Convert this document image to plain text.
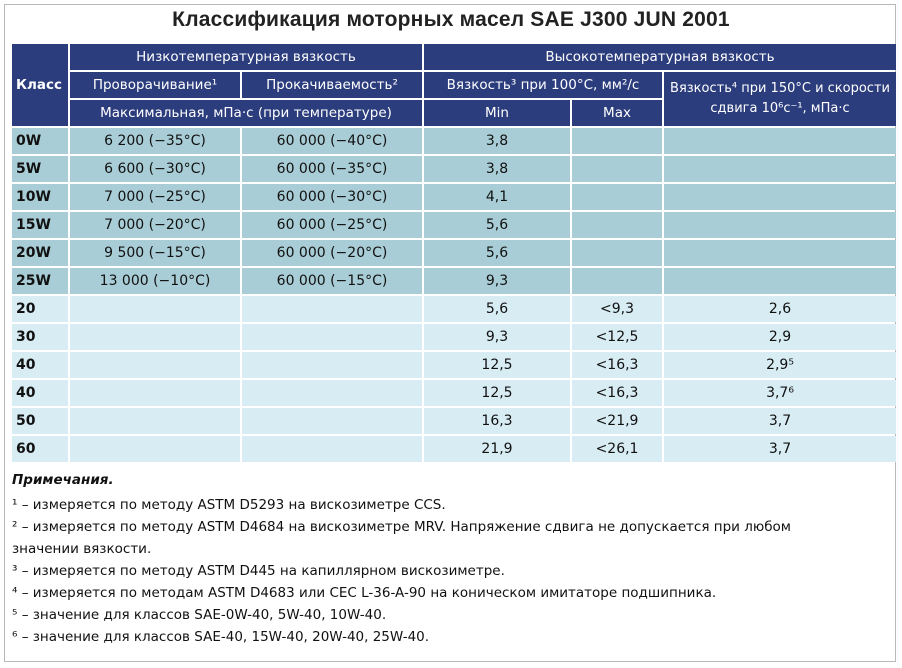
Классификация моторных масел SAE J300 JUN 2001
Класс	Низкотемпературная вязкость		Высокотемпературная вязкость		
	Проворачивание¹	Прокачиваемость²	Вязкость³ при 100°С, мм²/с		Вязкость⁴ при 150°С и скорости сдвига 10⁶с⁻¹, мПа·с
	Максимальная, мПа·с (при температуре)		Min	Max	
0W	6 200 (−35°С)	60 000 (−40°С)	3,8		
5W	6 600 (−30°С)	60 000 (−35°С)	3,8		
10W	7 000 (−25°С)	60 000 (−30°С)	4,1		
15W	7 000 (−20°С)	60 000 (−25°С)	5,6		
20W	9 500 (−15°С)	60 000 (−20°С)	5,6		
25W	13 000 (−10°С)	60 000 (−15°С)	9,3		
20			5,6	<9,3	2,6
30			9,3	<12,5	2,9
40			12,5	<16,3	2,9⁵
40			12,5	<16,3	3,7⁶
50			16,3	<21,9	3,7
60			21,9	<26,1	3,7
Примечания.
¹ – измеряется по методу ASTM D5293 на вискозиметре CCS.
² – измеряется по методу ASTM D4684 на вискозиметре MRV. Напряжение сдвига не допускается при любом
значении вязкости.
³ – измеряется по методу ASTM D445 на капиллярном вискозиметре.
⁴ – измеряется по методам ASTM D4683 или CEC L-36-A-90 на коническом имитаторе подшипника.
⁵ – значение для классов SAE-0W-40, 5W-40, 10W-40.
⁶ – значение для классов SAE-40, 15W-40, 20W-40, 25W-40.
